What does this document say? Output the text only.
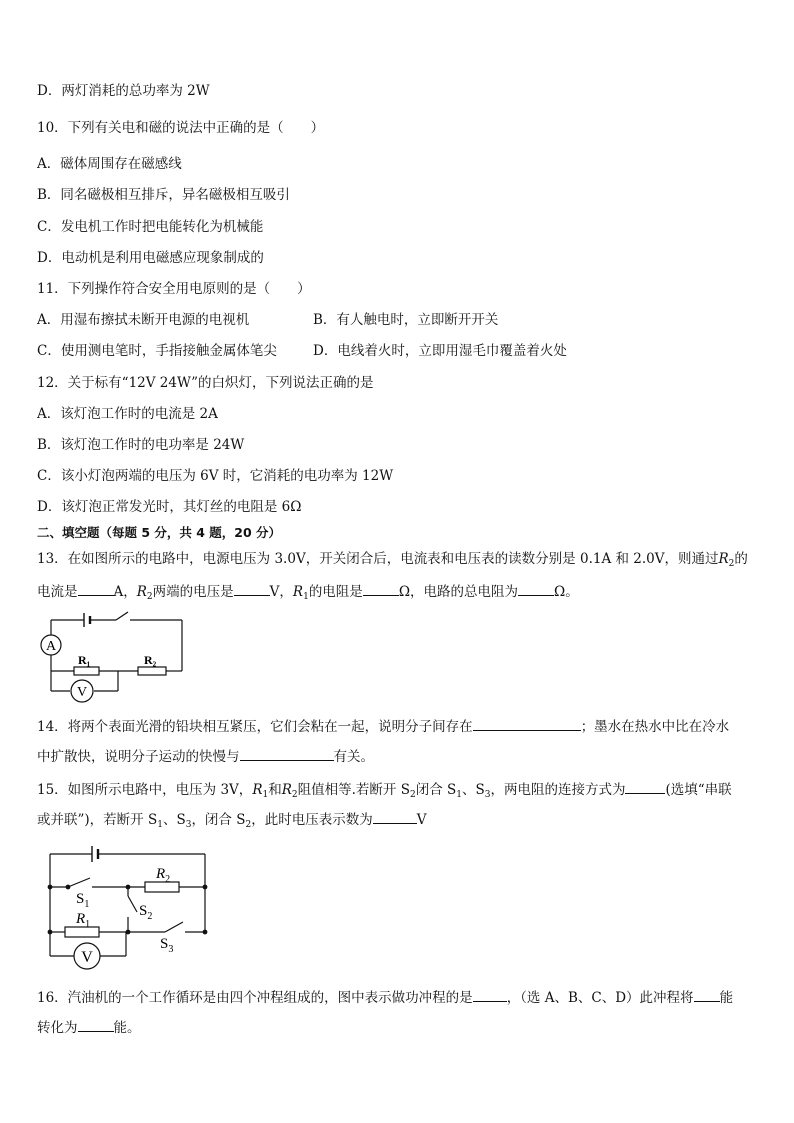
D．两灯消耗的总功率为 2W
10．下列有关电和磁的说法中正确的是（　　）
A．磁体周围存在磁感线
B．同名磁极相互排斥，异名磁极相互吸引
C．发电机工作时把电能转化为机械能
D．电动机是利用电磁感应现象制成的
11．下列操作符合安全用电原则的是（　　）
A．用湿布擦拭未断开电源的电视机	B．有人触电时，立即断开开关
C．使用测电笔时，手指接触金属体笔尖	D．电线着火时，立即用湿毛巾覆盖着火处
12．关于标有“12V 24W”的白炽灯，下列说法正确的是
A．该灯泡工作时的电流是 2A
B．该灯泡工作时的电功率是 24W
C．该小灯泡两端的电压为 6V 时，它消耗的电功率为 12W
D．该灯泡正常发光时，其灯丝的电阻是 6Ω
二、填空题（每题 5 分，共 4 题，20 分）
13．在如图所示的电路中，电源电压为 3.0V，开关闭合后，电流表和电压表的读数分别是 0.1A 和 2.0V，则通过$R_2$的
电流是	A，$R_2$两端的电压是	V，$R_1$的电阻是	Ω，电路的总电阻为	Ω。
A
V
R₁	R₂
14．将两个表面光滑的铅块相互紧压，它们会粘在一起，说明分子间存在	；墨水在热水中比在冷水
中扩散快，说明分子运动的快慢与	有关。
15．如图所示电路中，电压为 3V，$R_1$和$R_2$阻值相等.若断开 $S_2$闭合 $S_1$、$S_3$，两电阻的连接方式为	(选填“串联
或并联”)，若断开 $S_1$、$S_3$，闭合 $S_2$，此时电压表示数为	V
V
$S_1$	$S_2$
$S_3$
$R_1$
$R_2$
16．汽油机的一个工作循环是由四个冲程组成的，图中表示做功冲程的是	，（选 A、B、C、D）此冲程将 能
转化为	能。
